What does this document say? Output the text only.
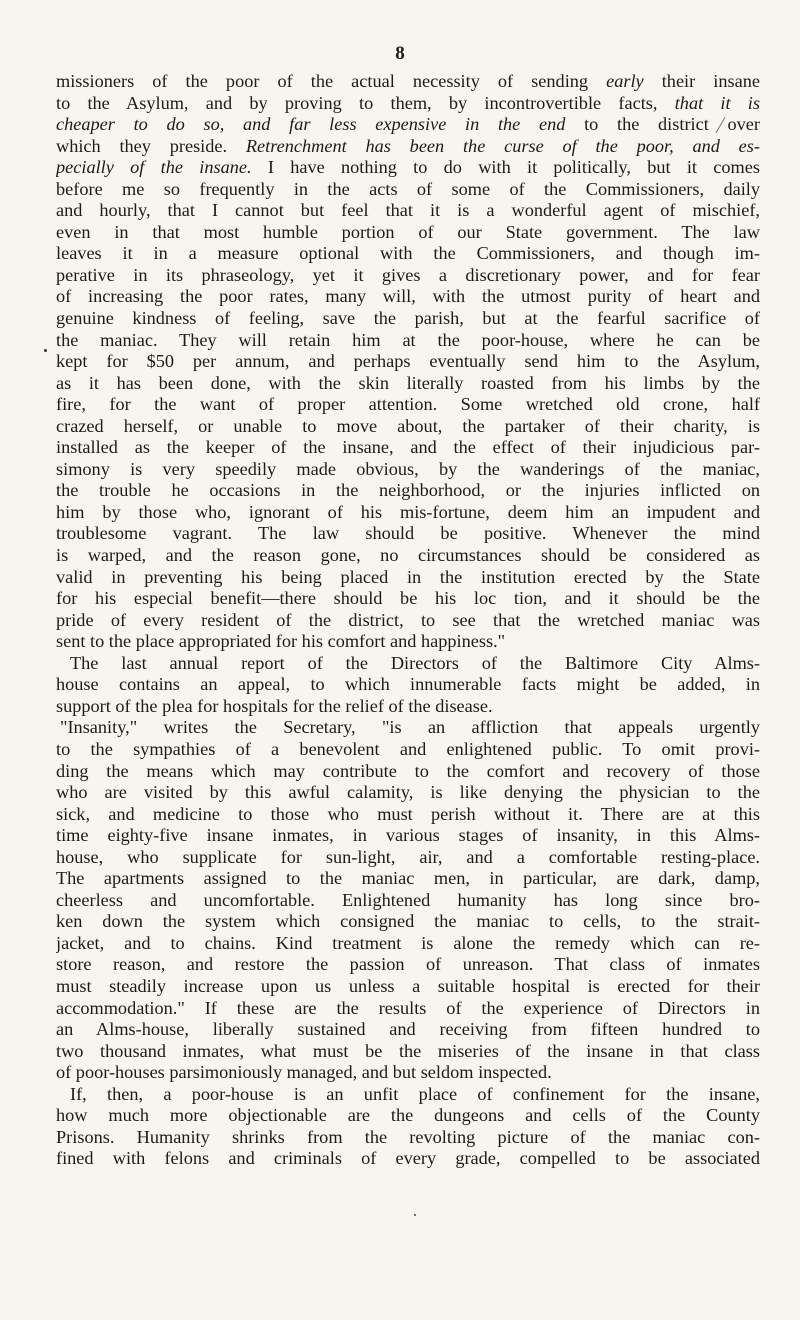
8
missioners of the poor of the actual necessity of sending early their insane
to the Asylum, and by proving to them, by incontrovertible facts, that it is
cheaper to do so, and far less expensive in the end to the district over
which they preside. Retrenchment has been the curse of the poor, and es-
pecially of the insane. I have nothing to do with it politically, but it comes
before me so frequently in the acts of some of the Commissioners, daily
and hourly, that I cannot but feel that it is a wonderful agent of mischief,
even in that most humble portion of our State government. The law
leaves it in a measure optional with the Commissioners, and though im-
perative in its phraseology, yet it gives a discretionary power, and for fear
of increasing the poor rates, many will, with the utmost purity of heart and
genuine kindness of feeling, save the parish, but at the fearful sacrifice of
the maniac. They will retain him at the poor-house, where he can be
kept for $50 per annum, and perhaps eventually send him to the Asylum,
as it has been done, with the skin literally roasted from his limbs by the
fire, for the want of proper attention. Some wretched old crone, half
crazed herself, or unable to move about, the partaker of their charity, is
installed as the keeper of the insane, and the effect of their injudicious par-
simony is very speedily made obvious, by the wanderings of the maniac,
the trouble he occasions in the neighborhood, or the injuries inflicted on
him by those who, ignorant of his mis-fortune, deem him an impudent and
troublesome vagrant. The law should be positive. Whenever the mind
is warped, and the reason gone, no circumstances should be considered as
valid in preventing his being placed in the institution erected by the State
for his especial benefit—there should be his loc tion, and it should be the
pride of every resident of the district, to see that the wretched maniac was
sent to the place appropriated for his comfort and happiness."
The last annual report of the Directors of the Baltimore City Alms-
house contains an appeal, to which innumerable facts might be added, in
support of the plea for hospitals for the relief of the disease.
"Insanity," writes the Secretary, "is an affliction that appeals urgently
to the sympathies of a benevolent and enlightened public. To omit provi-
ding the means which may contribute to the comfort and recovery of those
who are visited by this awful calamity, is like denying the physician to the
sick, and medicine to those who must perish without it. There are at this
time eighty-five insane inmates, in various stages of insanity, in this Alms-
house, who supplicate for sun-light, air, and a comfortable resting-place.
The apartments assigned to the maniac men, in particular, are dark, damp,
cheerless and uncomfortable. Enlightened humanity has long since bro-
ken down the system which consigned the maniac to cells, to the strait-
jacket, and to chains. Kind treatment is alone the remedy which can re-
store reason, and restore the passion of unreason. That class of inmates
must steadily increase upon us unless a suitable hospital is erected for their
accommodation." If these are the results of the experience of Directors in
an Alms-house, liberally sustained and receiving from fifteen hundred to
two thousand inmates, what must be the miseries of the insane in that class
of poor-houses parsimoniously managed, and but seldom inspected.
If, then, a poor-house is an unfit place of confinement for the insane,
how much more objectionable are the dungeons and cells of the County
Prisons. Humanity shrinks from the revolting picture of the maniac con-
fined with felons and criminals of every grade, compelled to be associated
